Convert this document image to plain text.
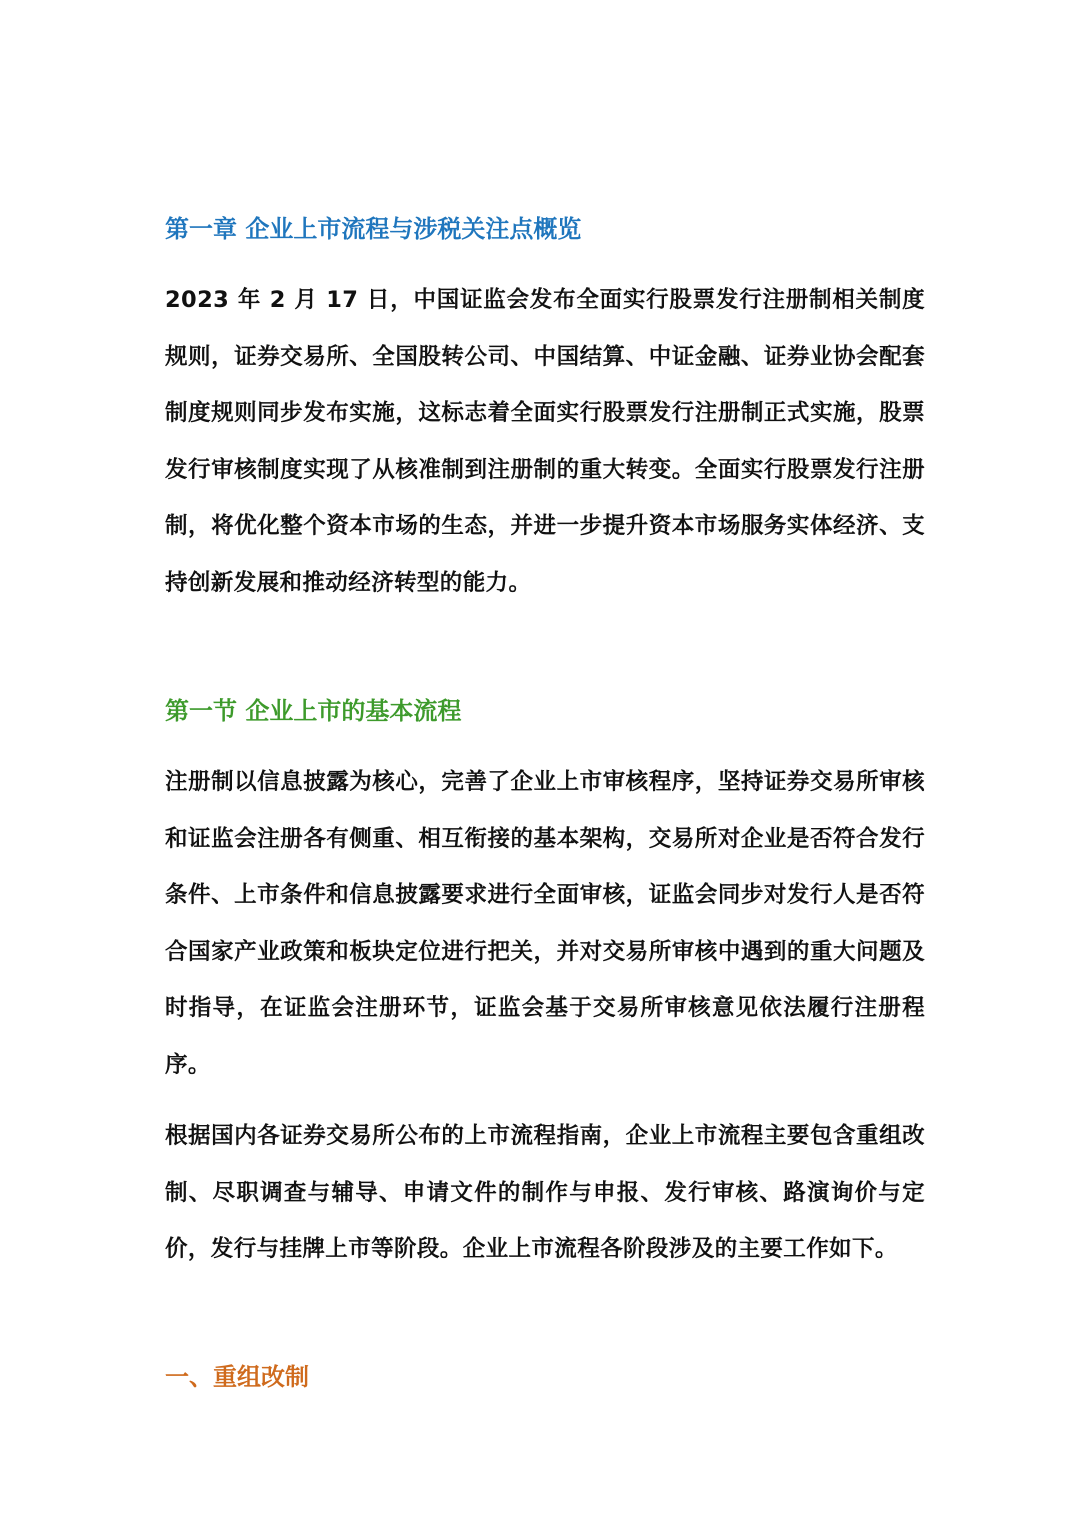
第一章 企业上市流程与涉税关注点概览

2023 年 2 月 17 日，中国证监会发布全面实行股票发行注册制相关制度规则，证券交易所、全国股转公司、中国结算、中证金融、证券业协会配套制度规则同步发布实施，这标志着全面实行股票发行注册制正式实施，股票发行审核制度实现了从核准制到注册制的重大转变。全面实行股票发行注册制，将优化整个资本市场的生态，并进一步提升资本市场服务实体经济、支持创新发展和推动经济转型的能力。

第一节 企业上市的基本流程

注册制以信息披露为核心，完善了企业上市审核程序，坚持证券交易所审核和证监会注册各有侧重、相互衔接的基本架构，交易所对企业是否符合发行条件、上市条件和信息披露要求进行全面审核，证监会同步对发行人是否符合国家产业政策和板块定位进行把关，并对交易所审核中遇到的重大问题及时指导，在证监会注册环节，证监会基于交易所审核意见依法履行注册程序。

根据国内各证券交易所公布的上市流程指南，企业上市流程主要包含重组改制、尽职调查与辅导、申请文件的制作与申报、发行审核、路演询价与定价，发行与挂牌上市等阶段。企业上市流程各阶段涉及的主要工作如下。

一、重组改制
